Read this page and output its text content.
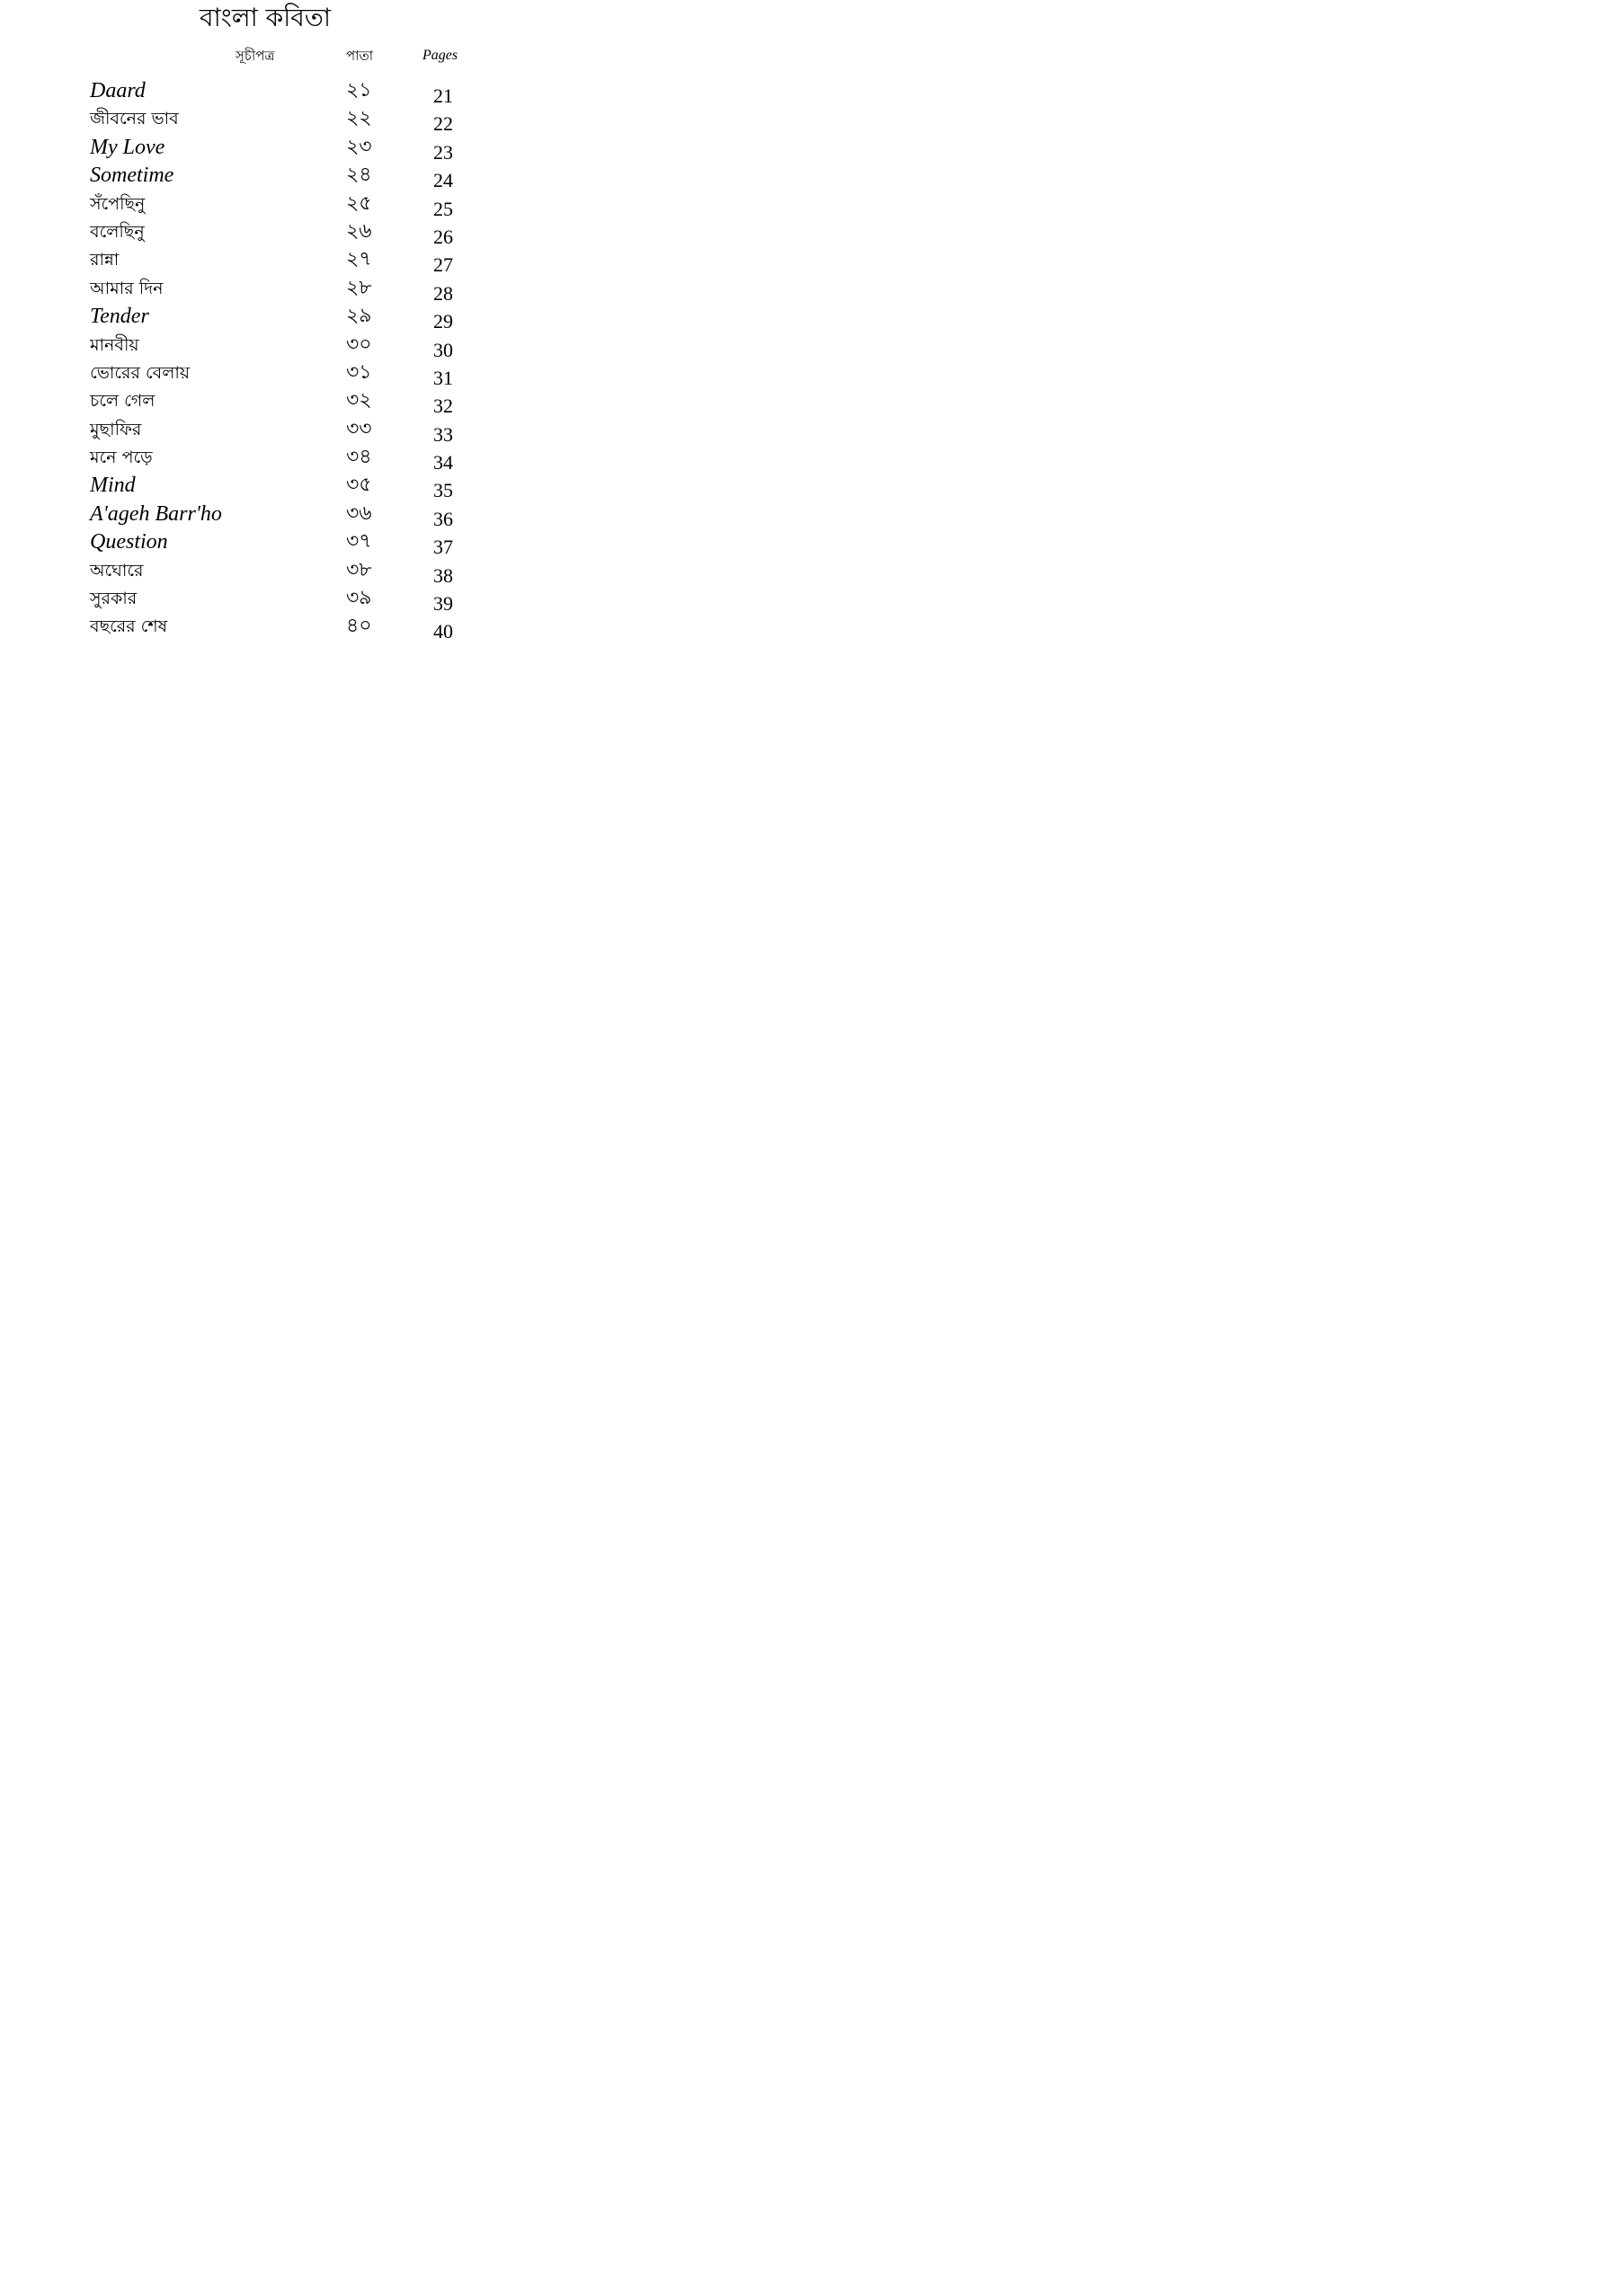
বাংলা কবিতা
সূচীপত্র	পাতা	Pages
Daard	২১	21
জীবনের ভাব	২২	22
My Love	২৩	23
Sometime	২৪	24
সঁপেছিনু	২৫	25
বলেছিনু	২৬	26
রান্না	২৭	27
আমার দিন	২৮	28
Tender	২৯	29
মানবীয়	৩০	30
ভোরের বেলায়	৩১	31
চলে গেল	৩২	32
মুছাফির	৩৩	33
মনে পড়ে	৩৪	34
Mind	৩৫	35
A'ageh Barr'ho	৩৬	36
Question	৩৭	37
অঘোরে	৩৮	38
সুরকার	৩৯	39
বছরের শেষ	৪০	40
